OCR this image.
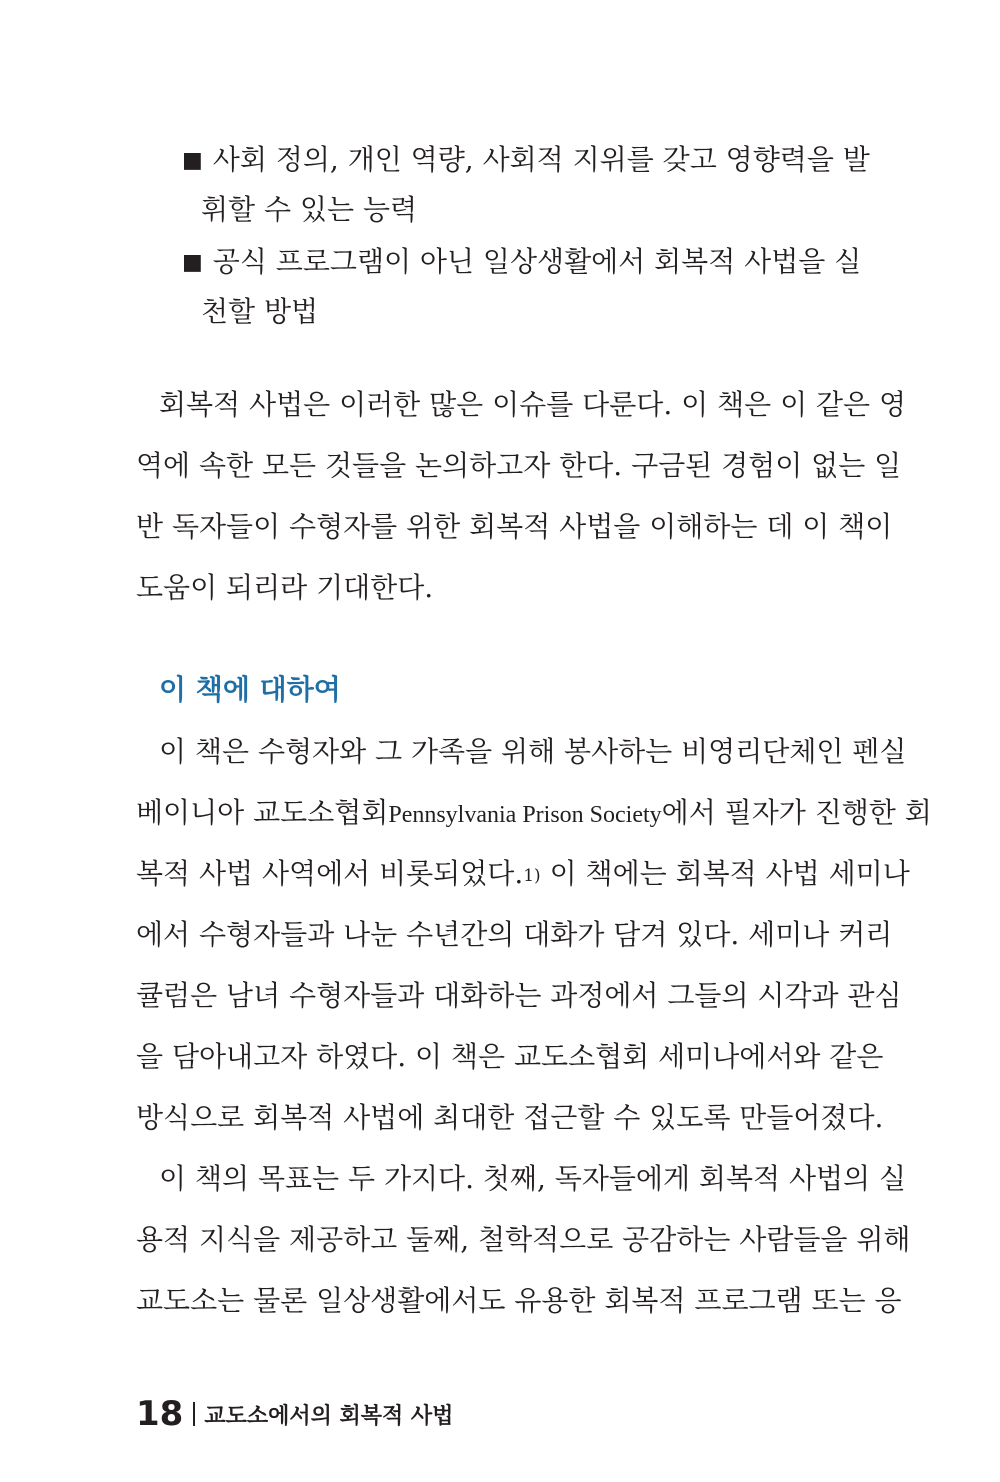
■ 사회 정의, 개인 역량, 사회적 지위를 갖고 영향력을 발
휘할 수 있는 능력
■ 공식 프로그램이 아닌 일상생활에서 회복적 사법을 실
천할 방법
회복적 사법은 이러한 많은 이슈를 다룬다. 이 책은 이 같은 영
역에 속한 모든 것들을 논의하고자 한다. 구금된 경험이 없는 일
반 독자들이 수형자를 위한 회복적 사법을 이해하는 데 이 책이
도움이 되리라 기대한다.
이 책에 대하여
이 책은 수형자와 그 가족을 위해 봉사하는 비영리단체인 펜실
베이니아 교도소협회Pennsylvania Prison Society에서 필자가 진행한 회
복적 사법 사역에서 비롯되었다.1) 이 책에는 회복적 사법 세미나
에서 수형자들과 나눈 수년간의 대화가 담겨 있다. 세미나 커리
큘럼은 남녀 수형자들과 대화하는 과정에서 그들의 시각과 관심
을 담아내고자 하였다. 이 책은 교도소협회 세미나에서와 같은
방식으로 회복적 사법에 최대한 접근할 수 있도록 만들어졌다.
이 책의 목표는 두 가지다. 첫째, 독자들에게 회복적 사법의 실
용적 지식을 제공하고 둘째, 철학적으로 공감하는 사람들을 위해
교도소는 물론 일상생활에서도 유용한 회복적 프로그램 또는 응
18 교도소에서의 회복적 사법
